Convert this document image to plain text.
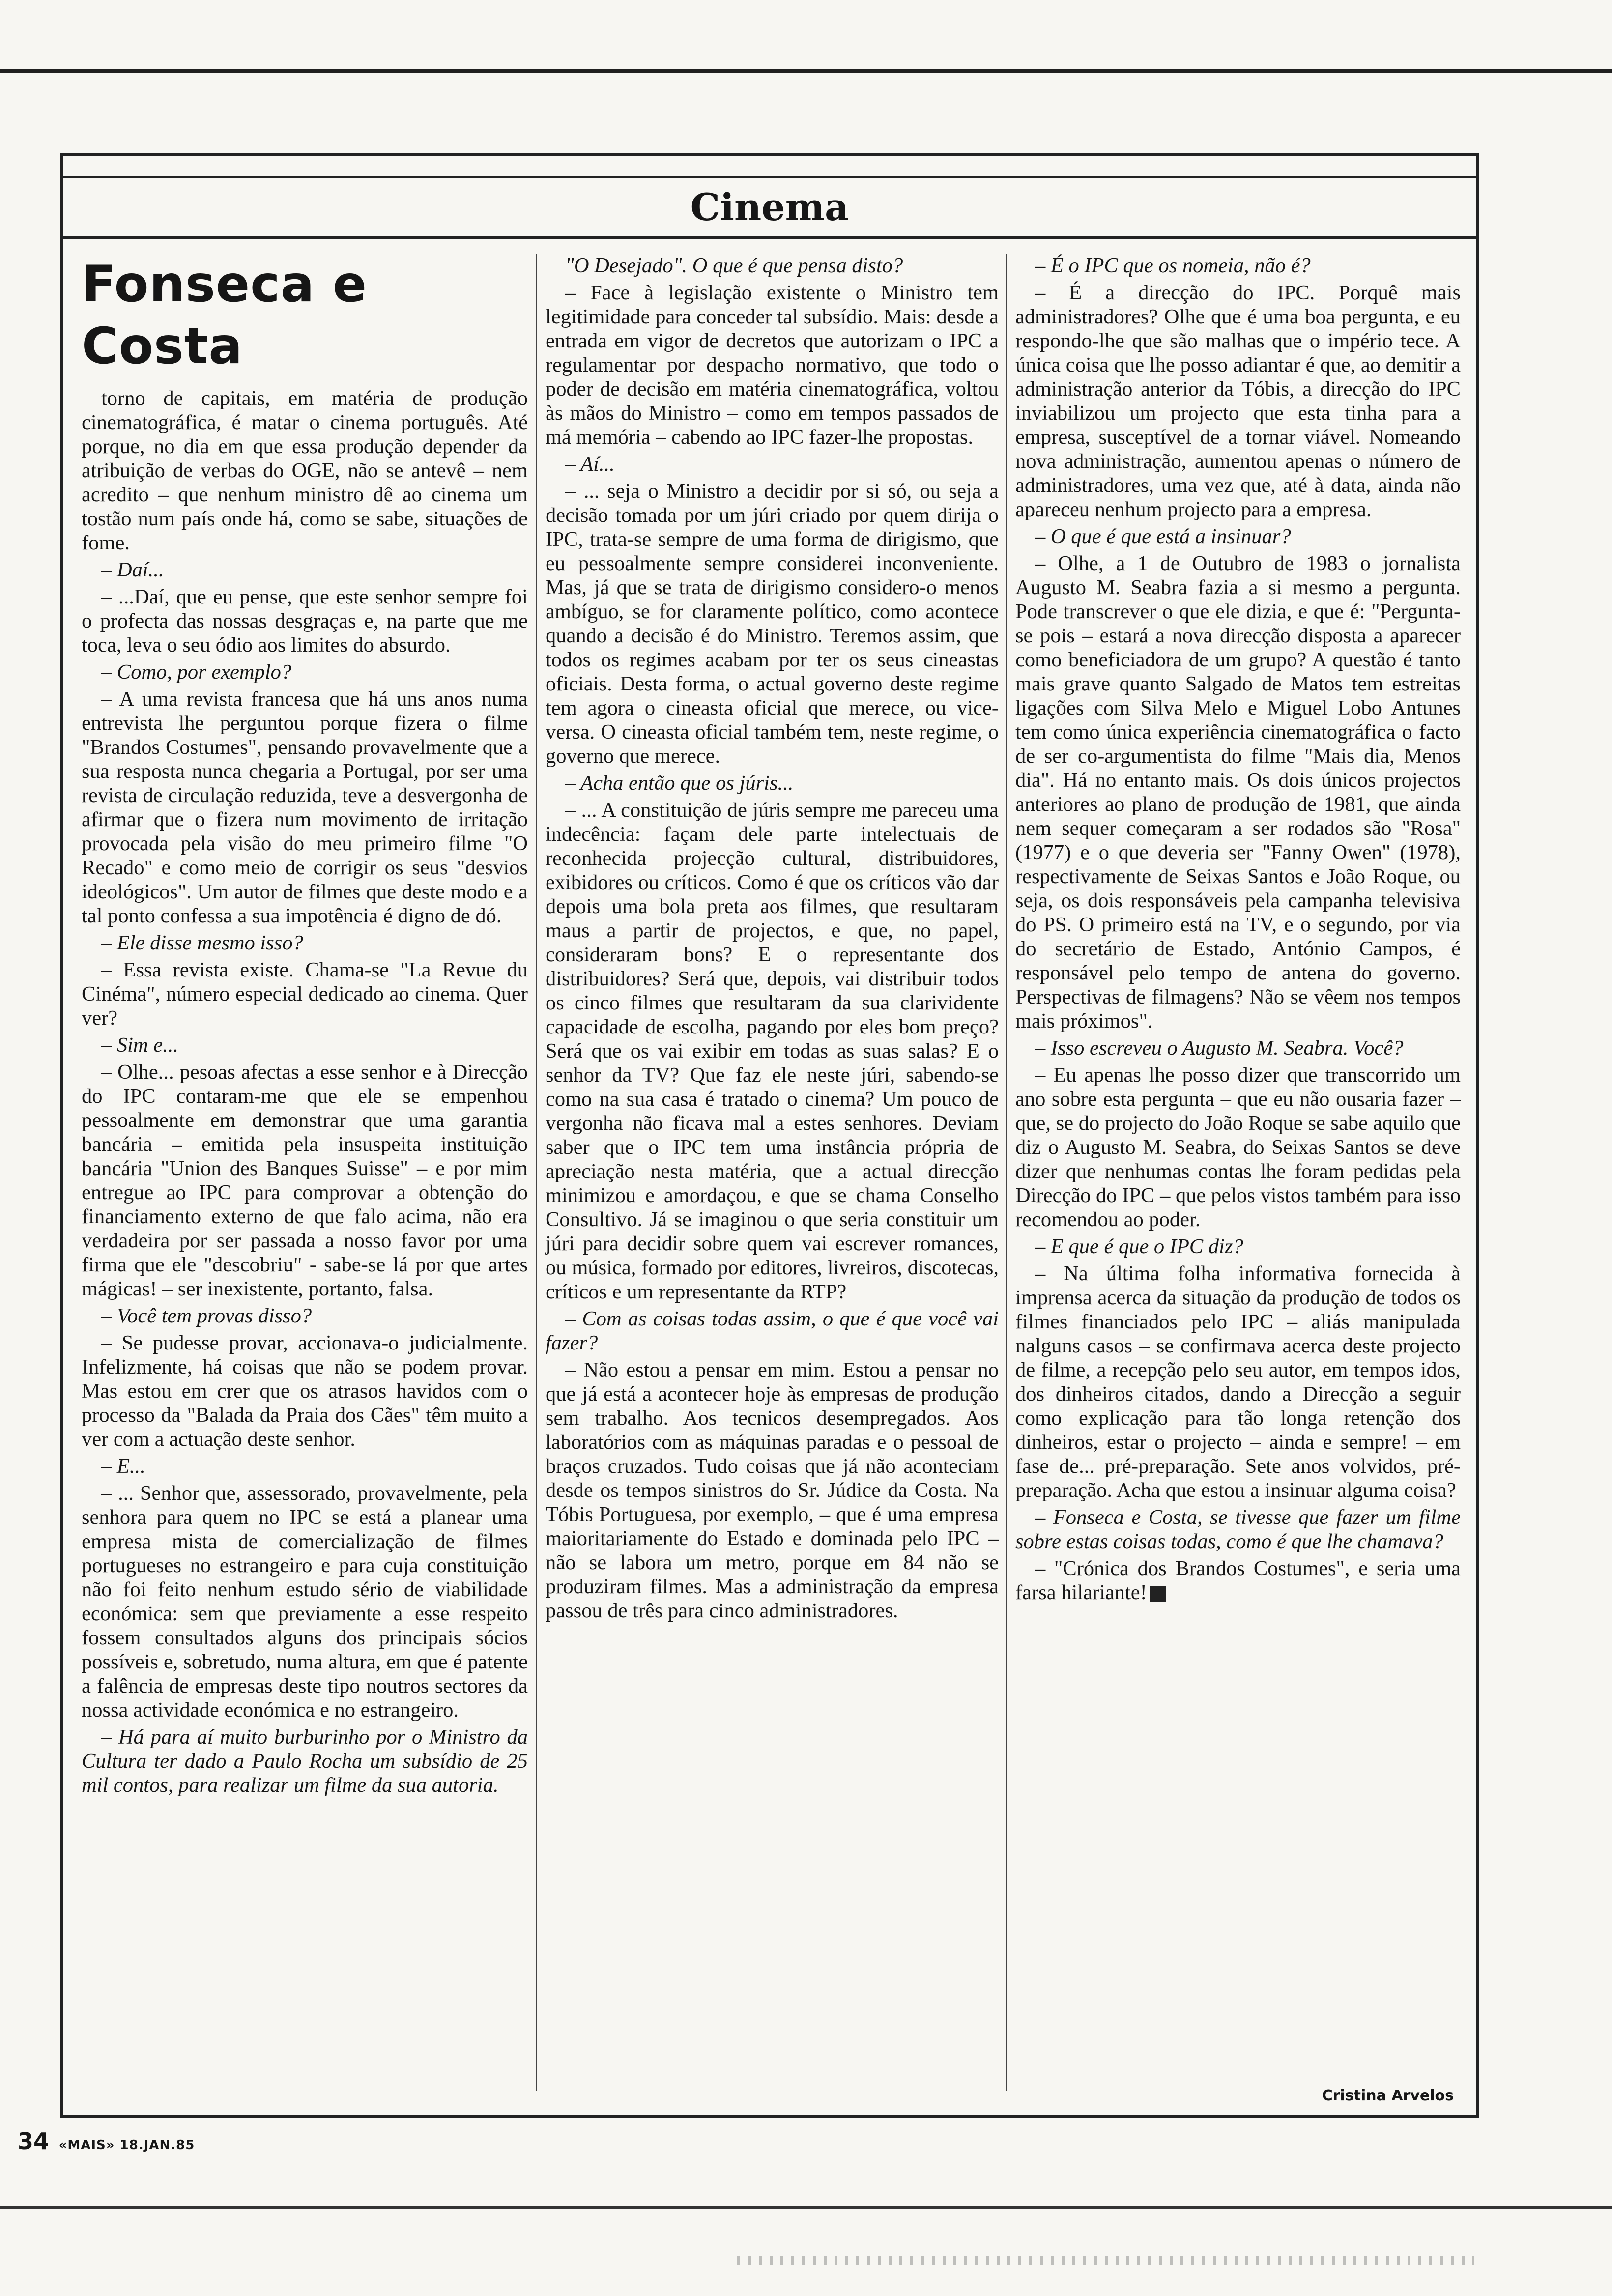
Cinema
Fonseca e Costa

torno de capitais, em matéria de produção cinematográfica, é matar o cinema português. Até porque, no dia em que essa produção depender da atribuição de verbas do OGE, não se antevê – nem acredito – que nenhum ministro dê ao cinema um tostão num país onde há, como se sabe, situações de fome.

– Daí...

– ...Daí, que eu pense, que este senhor sempre foi o profecta das nossas desgraças e, na parte que me toca, leva o seu ódio aos limites do absurdo.

– Como, por exemplo?

– A uma revista francesa que há uns anos numa entrevista lhe perguntou porque fizera o filme "Brandos Costumes", pensando provavelmente que a sua resposta nunca chegaria a Portugal, por ser uma revista de circulação reduzida, teve a desvergonha de afirmar que o fizera num movimento de irritação provocada pela visão do meu primeiro filme "O Recado" e como meio de corrigir os seus "desvios ideológicos". Um autor de filmes que deste modo e a tal ponto confessa a sua impotência é digno de dó.

– Ele disse mesmo isso?

– Essa revista existe. Chama-se "La Revue du Cinéma", número especial dedicado ao cinema. Quer ver?

– Sim e...

– Olhe... pesoas afectas a esse senhor e à Direcção do IPC contaram-me que ele se empenhou pessoalmente em demonstrar que uma garantia bancária – emitida pela insuspeita instituição bancária "Union des Banques Suisse" – e por mim entregue ao IPC para comprovar a obtenção do financiamento externo de que falo acima, não era verdadeira por ser passada a nosso favor por uma firma que ele "descobriu" - sabe-se lá por que artes mágicas! – ser inexistente, portanto, falsa.

– Você tem provas disso?

– Se pudesse provar, accionava-o judicialmente. Infelizmente, há coisas que não se podem provar. Mas estou em crer que os atrasos havidos com o processo da "Balada da Praia dos Cães" têm muito a ver com a actuação deste senhor.

– E...

– ... Senhor que, assessorado, provavelmente, pela senhora para quem no IPC se está a planear uma empresa mista de comercialização de filmes portugueses no estrangeiro e para cuja constituição não foi feito nenhum estudo sério de viabilidade económica: sem que previamente a esse respeito fossem consultados alguns dos principais sócios possíveis e, sobretudo, numa altura, em que é patente a falência de empresas deste tipo noutros sectores da nossa actividade económica e no estrangeiro.

– Há para aí muito burburinho por o Ministro da Cultura ter dado a Paulo Rocha um subsídio de 25 mil contos, para realizar um filme da sua autoria.

"O Desejado". O que é que pensa disto?

– Face à legislação existente o Ministro tem legitimidade para conceder tal subsídio. Mais: desde a entrada em vigor de decretos que autorizam o IPC a regulamentar por despacho normativo, que todo o poder de decisão em matéria cinematográfica, voltou às mãos do Ministro – como em tempos passados de má memória – cabendo ao IPC fazer-lhe propostas.

– Aí...

– ... seja o Ministro a decidir por si só, ou seja a decisão tomada por um júri criado por quem dirija o IPC, trata-se sempre de uma forma de dirigismo, que eu pessoalmente sempre considerei inconveniente. Mas, já que se trata de dirigismo considero-o menos ambíguo, se for claramente político, como acontece quando a decisão é do Ministro. Teremos assim, que todos os regimes acabam por ter os seus cineastas oficiais. Desta forma, o actual governo deste regime tem agora o cineasta oficial que merece, ou vice-versa. O cineasta oficial também tem, neste regime, o governo que merece.

– Acha então que os júris...

– ... A constituição de júris sempre me pareceu uma indecência: façam dele parte intelectuais de reconhecida projecção cultural, distribuidores, exibidores ou críticos. Como é que os críticos vão dar depois uma bola preta aos filmes, que resultaram maus a partir de projectos, e que, no papel, consideraram bons? E o representante dos distribuidores? Será que, depois, vai distribuir todos os cinco filmes que resultaram da sua clarividente capacidade de escolha, pagando por eles bom preço? Será que os vai exibir em todas as suas salas? E o senhor da TV? Que faz ele neste júri, sabendo-se como na sua casa é tratado o cinema? Um pouco de vergonha não ficava mal a estes senhores. Deviam saber que o IPC tem uma instância própria de apreciação nesta matéria, que a actual direcção minimizou e amordaçou, e que se chama Conselho Consultivo. Já se imaginou o que seria constituir um júri para decidir sobre quem vai escrever romances, ou música, formado por editores, livreiros, discotecas, críticos e um representante da RTP?

– Com as coisas todas assim, o que é que você vai fazer?

– Não estou a pensar em mim. Estou a pensar no que já está a acontecer hoje às empresas de produção sem trabalho. Aos tecnicos desempregados. Aos laboratórios com as máquinas paradas e o pessoal de braços cruzados. Tudo coisas que já não aconteciam desde os tempos sinistros do Sr. Júdice da Costa. Na Tóbis Portuguesa, por exemplo, – que é uma empresa maioritariamente do Estado e dominada pelo IPC – não se labora um metro, porque em 84 não se produziram filmes. Mas a administração da empresa passou de três para cinco administradores.

– É o IPC que os nomeia, não é?

– É a direcção do IPC. Porquê mais administradores? Olhe que é uma boa pergunta, e eu respondo-lhe que são malhas que o império tece. A única coisa que lhe posso adiantar é que, ao demitir a administração anterior da Tóbis, a direcção do IPC inviabilizou um projecto que esta tinha para a empresa, susceptível de a tornar viável. Nomeando nova administração, aumentou apenas o número de administradores, uma vez que, até à data, ainda não apareceu nenhum projecto para a empresa.

– O que é que está a insinuar?

– Olhe, a 1 de Outubro de 1983 o jornalista Augusto M. Seabra fazia a si mesmo a pergunta. Pode transcrever o que ele dizia, e que é: "Pergunta-se pois – estará a nova direcção disposta a aparecer como beneficiadora de um grupo? A questão é tanto mais grave quanto Salgado de Matos tem estreitas ligações com Silva Melo e Miguel Lobo Antunes tem como única experiência cinematográfica o facto de ser co-argumentista do filme "Mais dia, Menos dia". Há no entanto mais. Os dois únicos projectos anteriores ao plano de produção de 1981, que ainda nem sequer começaram a ser rodados são "Rosa" (1977) e o que deveria ser "Fanny Owen" (1978), respectivamente de Seixas Santos e João Roque, ou seja, os dois responsáveis pela campanha televisiva do PS. O primeiro está na TV, e o segundo, por via do secretário de Estado, António Campos, é responsável pelo tempo de antena do governo. Perspectivas de filmagens? Não se vêem nos tempos mais próximos".

– Isso escreveu o Augusto M. Seabra. Você?

– Eu apenas lhe posso dizer que transcorrido um ano sobre esta pergunta – que eu não ousaria fazer – que, se do projecto do João Roque se sabe aquilo que diz o Augusto M. Seabra, do Seixas Santos se deve dizer que nenhumas contas lhe foram pedidas pela Direcção do IPC – que pelos vistos também para isso recomendou ao poder.

– E que é que o IPC diz?

– Na última folha informativa fornecida à imprensa acerca da situação da produção de todos os filmes financiados pelo IPC – aliás manipulada nalguns casos – se confirmava acerca deste projecto de filme, a recepção pelo seu autor, em tempos idos, dos dinheiros citados, dando a Direcção a seguir como explicação para tão longa retenção dos dinheiros, estar o projecto – ainda e sempre! – em fase de... pré-preparação. Sete anos volvidos, pré-preparação. Acha que estou a insinuar alguma coisa?

– Fonseca e Costa, se tivesse que fazer um filme sobre estas coisas todas, como é que lhe chamava?

– "Crónica dos Brandos Costumes", e seria uma farsa hilariante! M

Cristina Arvelos
34 «MAIS» 18.JAN.85
